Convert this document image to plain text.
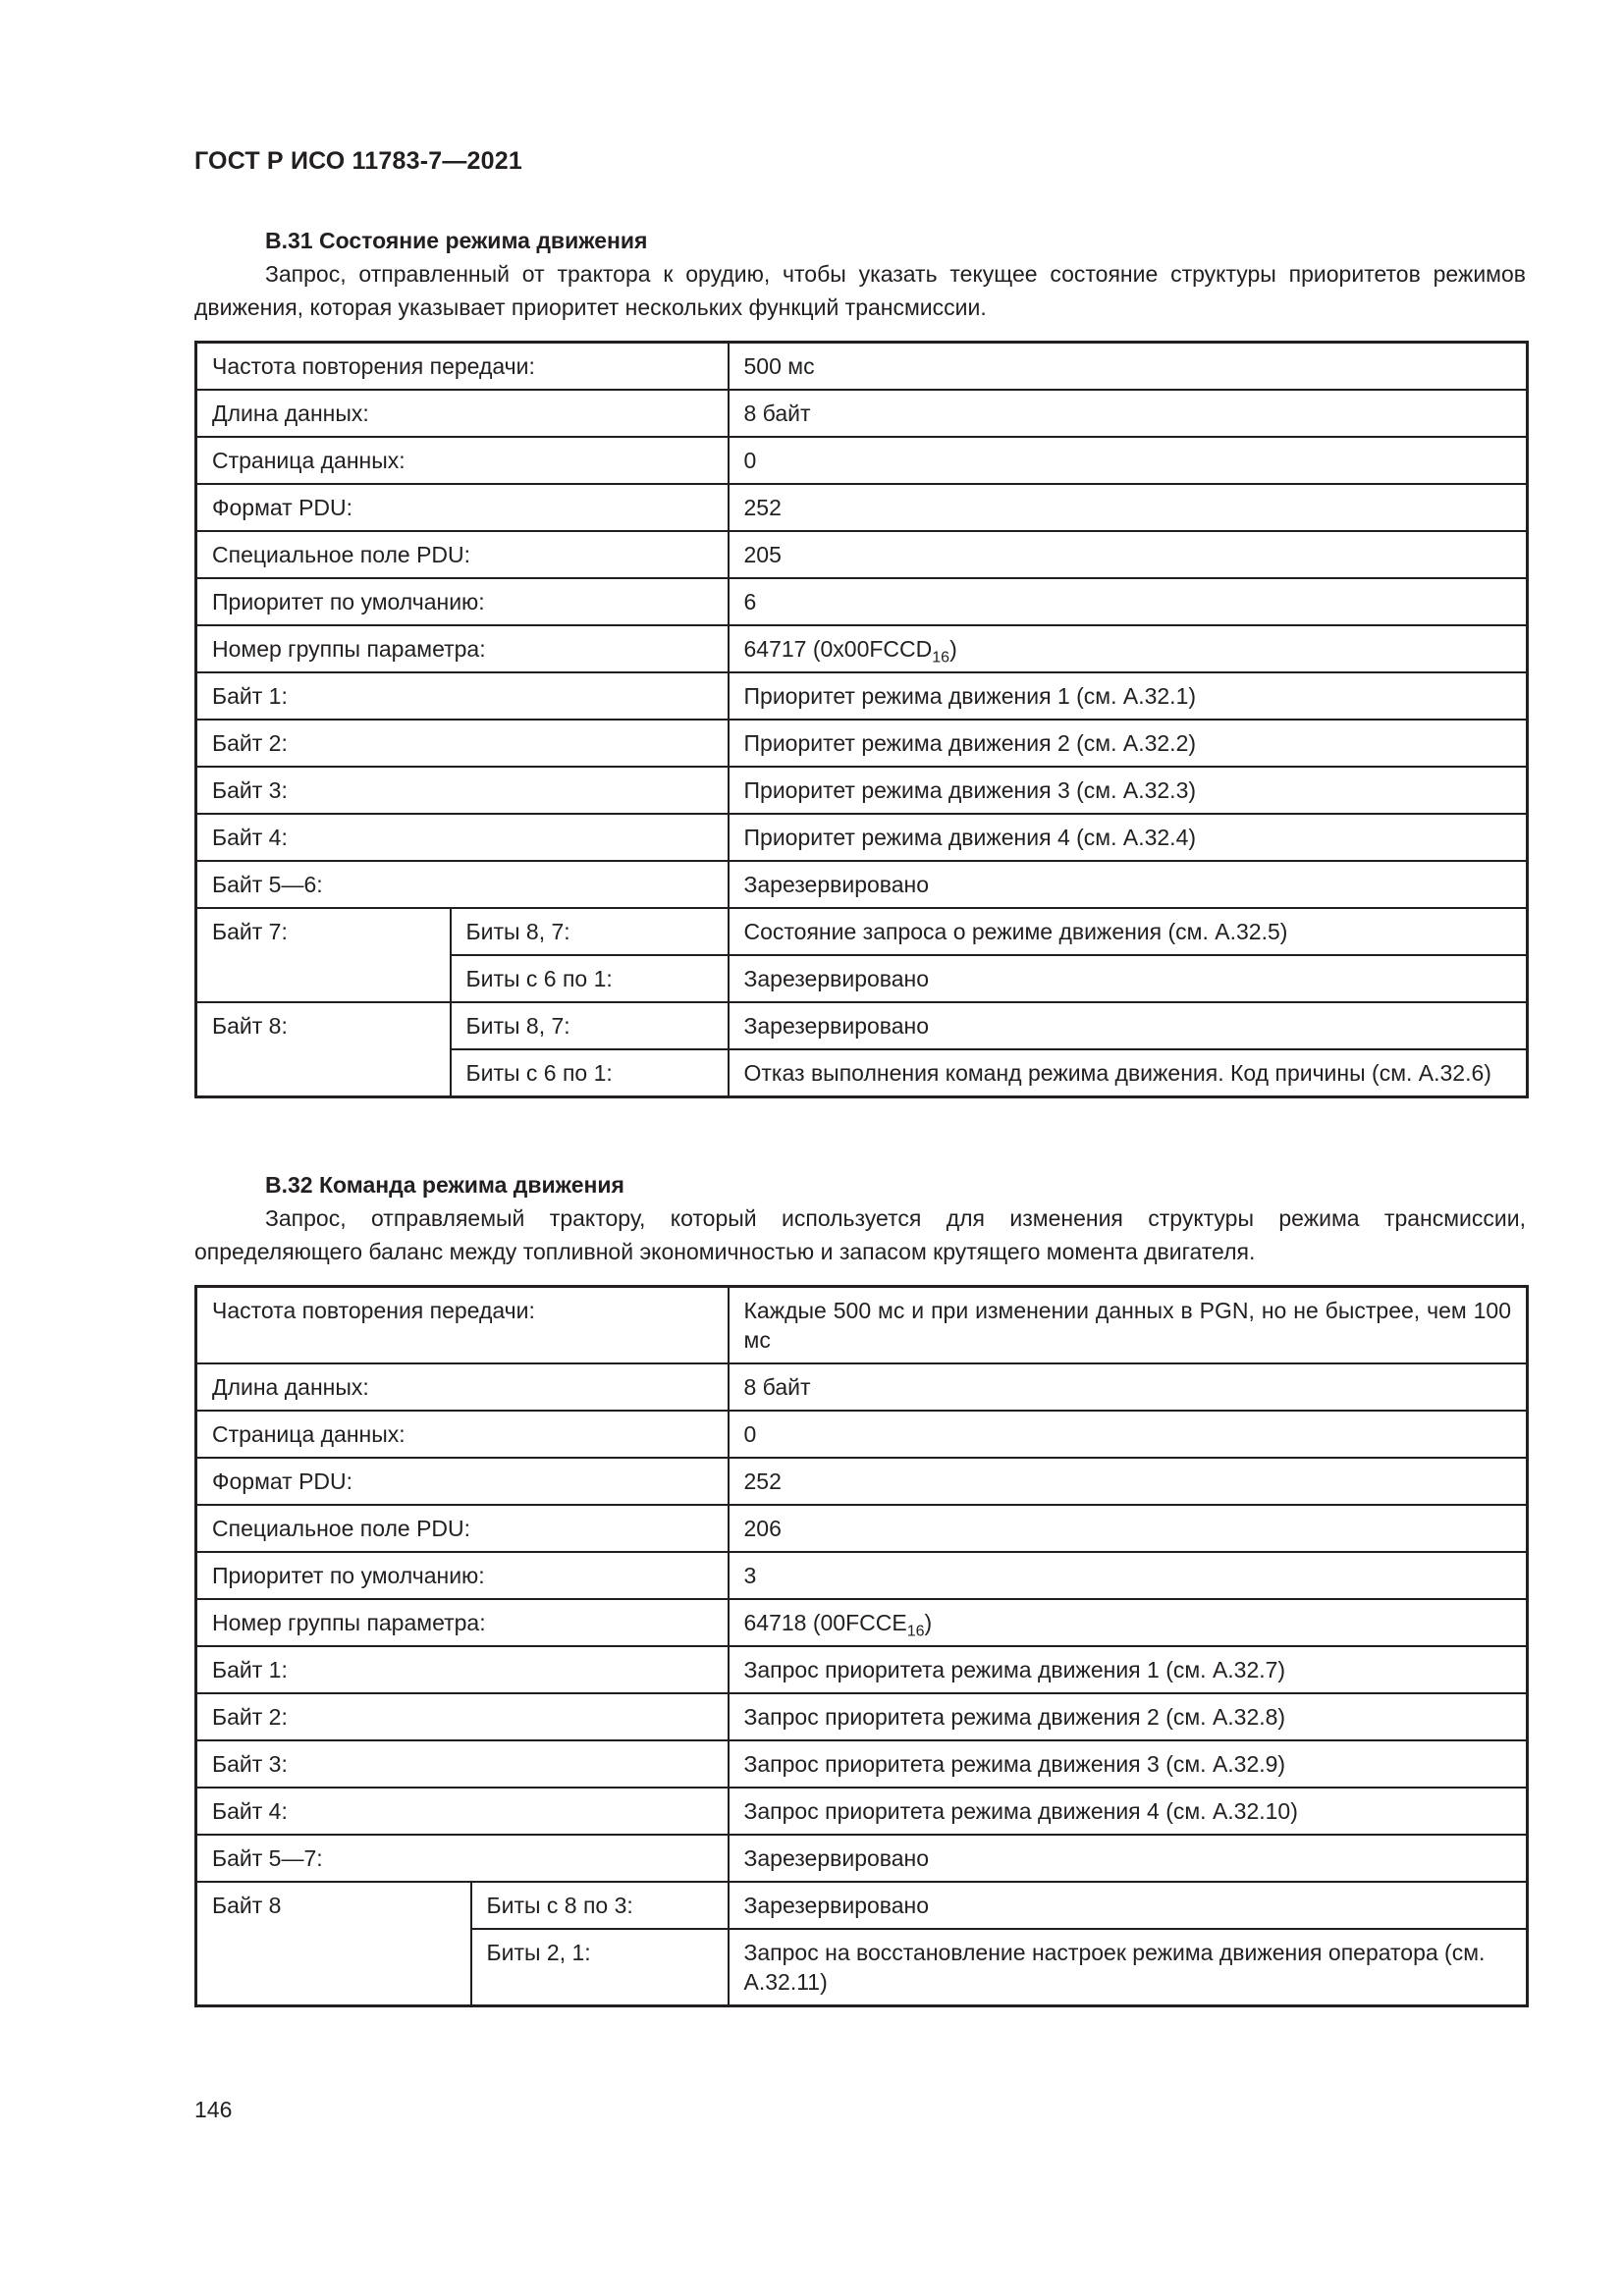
ГОСТ Р ИСО 11783-7—2021
B.31 Состояние режима движения

Запрос, отправленный от трактора к орудию, чтобы указать текущее состояние структуры приоритетов режимов движения, которая указывает приоритет нескольких функций трансмиссии.

Частота повторения передачи:		500 мс
Длина данных:		8 байт
Страница данных:		0
Формат PDU:		252
Специальное поле PDU:		205
Приоритет по умолчанию:		6
Номер группы параметра:		64717 $(0x00FCCD_{16})$
Байт 1:		Приоритет режима движения 1 (см. A.32.1)
Байт 2:		Приоритет режима движения 2 (см. A.32.2)
Байт 3:		Приоритет режима движения 3 (см. A.32.3)
Байт 4:		Приоритет режима движения 4 (см. A.32.4)
Байт 5—6:		Зарезервировано
Байт 7:	Биты 8, 7:	Состояние запроса о режиме движения (см. A.32.5)
	Биты с 6 по 1:	Зарезервировано
Байт 8:	Биты 8, 7:	Зарезервировано
	Биты с 6 по 1:	Отказ выполнения команд режима движения. Код причины (см. A.32.6)
B.32 Команда режима движения

Запрос, отправляемый трактору, который используется для изменения структуры режима трансмиссии, определяющего баланс между топливной экономичностью и запасом крутящего момента двигателя.

Частота повторения передачи:		Каждые 500 мс и при изменении данных в PGN, но не быстрее, чем 100 мс
Длина данных:		8 байт
Страница данных:		0
Формат PDU:		252
Специальное поле PDU:		206
Приоритет по умолчанию:		3
Номер группы параметра:		64718 $(00FCCE_{16})$
Байт 1:		Запрос приоритета режима движения 1 (см. A.32.7)
Байт 2:		Запрос приоритета режима движения 2 (см. A.32.8)
Байт 3:		Запрос приоритета режима движения 3 (см. A.32.9)
Байт 4:		Запрос приоритета режима движения 4 (см. A.32.10)
Байт 5—7:		Зарезервировано
Байт 8	Биты с 8 по 3:	Зарезервировано
	Биты 2, 1:	Запрос на восстановление настроек режима движения оператора (см. A.32.11)
146
